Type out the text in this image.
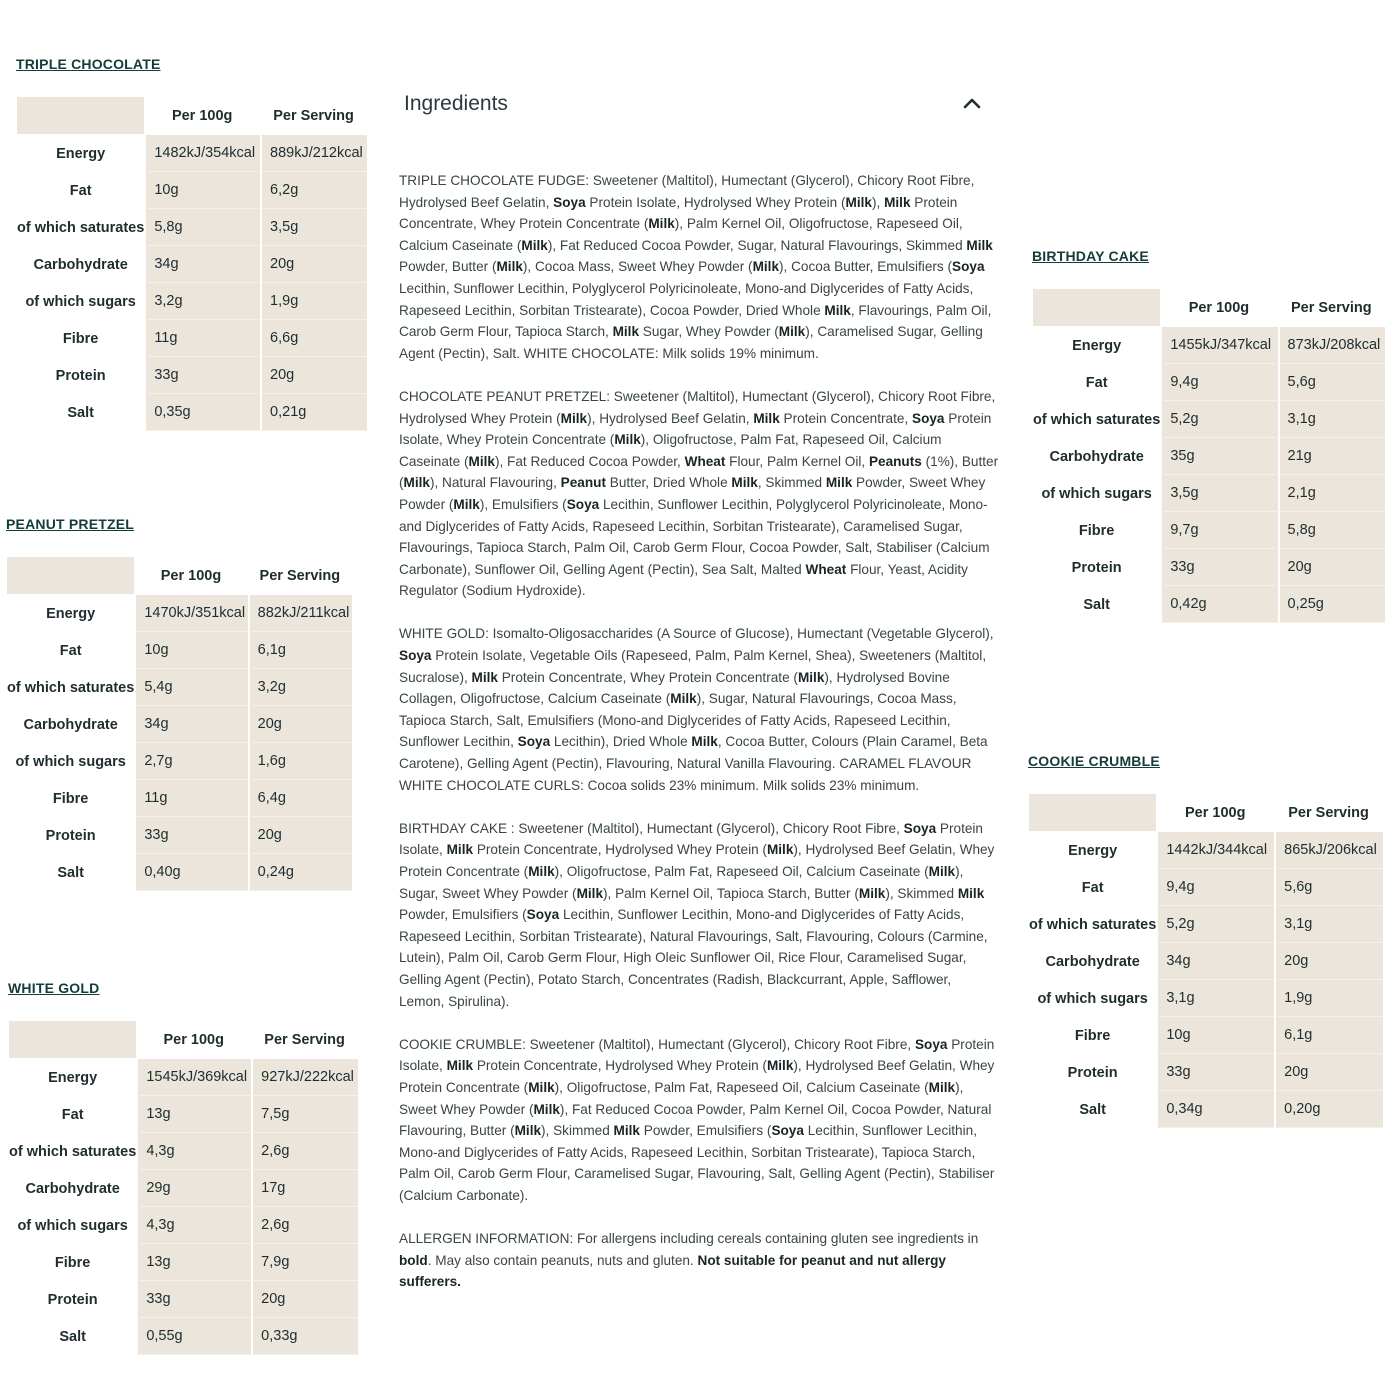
TRIPLE CHOCOLATE
	Per 100g	Per Serving
Energy	1482kJ/354kcal	889kJ/212kcal
Fat	10g	6,2g
of which saturates	5,8g	3,5g
Carbohydrate	34g	20g
of which sugars	3,2g	1,9g
Fibre	11g	6,6g
Protein	33g	20g
Salt	0,35g	0,21g
PEANUT PRETZEL
	Per 100g	Per Serving
Energy	1470kJ/351kcal	882kJ/211kcal
Fat	10g	6,1g
of which saturates	5,4g	3,2g
Carbohydrate	34g	20g
of which sugars	2,7g	1,6g
Fibre	11g	6,4g
Protein	33g	20g
Salt	0,40g	0,24g
WHITE GOLD
	Per 100g	Per Serving
Energy	1545kJ/369kcal	927kJ/222kcal
Fat	13g	7,5g
of which saturates	4,3g	2,6g
Carbohydrate	29g	17g
of which sugars	4,3g	2,6g
Fibre	13g	7,9g
Protein	33g	20g
Salt	0,55g	0,33g
BIRTHDAY CAKE
	Per 100g	Per Serving
Energy	1455kJ/347kcal	873kJ/208kcal
Fat	9,4g	5,6g
of which saturates	5,2g	3,1g
Carbohydrate	35g	21g
of which sugars	3,5g	2,1g
Fibre	9,7g	5,8g
Protein	33g	20g
Salt	0,42g	0,25g
COOKIE CRUMBLE
	Per 100g	Per Serving
Energy	1442kJ/344kcal	865kJ/206kcal
Fat	9,4g	5,6g
of which saturates	5,2g	3,1g
Carbohydrate	34g	20g
of which sugars	3,1g	1,9g
Fibre	10g	6,1g
Protein	33g	20g
Salt	0,34g	0,20g
Ingredients

TRIPLE CHOCOLATE FUDGE: Sweetener (Maltitol), Humectant (Glycerol), Chicory Root Fibre, Hydrolysed Beef Gelatin, Soya Protein Isolate, Hydrolysed Whey Protein (Milk), Milk Protein Concentrate, Whey Protein Concentrate (Milk), Palm Kernel Oil, Oligofructose, Rapeseed Oil, Calcium Caseinate (Milk), Fat Reduced Cocoa Powder, Sugar, Natural Flavourings, Skimmed Milk Powder, Butter (Milk), Cocoa Mass, Sweet Whey Powder (Milk), Cocoa Butter, Emulsifiers (Soya Lecithin, Sunflower Lecithin, Polyglycerol Polyricinoleate, Mono-and Diglycerides of Fatty Acids, Rapeseed Lecithin, Sorbitan Tristearate), Cocoa Powder, Dried Whole Milk, Flavourings, Palm Oil, Carob Germ Flour, Tapioca Starch, Milk Sugar, Whey Powder (Milk), Caramelised Sugar, Gelling Agent (Pectin), Salt. WHITE CHOCOLATE: Milk solids 19% minimum.

CHOCOLATE PEANUT PRETZEL: Sweetener (Maltitol), Humectant (Glycerol), Chicory Root Fibre, Hydrolysed Whey Protein (Milk), Hydrolysed Beef Gelatin, Milk Protein Concentrate, Soya Protein Isolate, Whey Protein Concentrate (Milk), Oligofructose, Palm Fat, Rapeseed Oil, Calcium Caseinate (Milk), Fat Reduced Cocoa Powder, Wheat Flour, Palm Kernel Oil, Peanuts (1%), Butter (Milk), Natural Flavouring, Peanut Butter, Dried Whole Milk, Skimmed Milk Powder, Sweet Whey Powder (Milk), Emulsifiers (Soya Lecithin, Sunflower Lecithin, Polyglycerol Polyricinoleate, Mono-and Diglycerides of Fatty Acids, Rapeseed Lecithin, Sorbitan Tristearate), Caramelised Sugar, Flavourings, Tapioca Starch, Palm Oil, Carob Germ Flour, Cocoa Powder, Salt, Stabiliser (Calcium Carbonate), Sunflower Oil, Gelling Agent (Pectin), Sea Salt, Malted Wheat Flour, Yeast, Acidity Regulator (Sodium Hydroxide).

WHITE GOLD: Isomalto-Oligosaccharides (A Source of Glucose), Humectant (Vegetable Glycerol), Soya Protein Isolate, Vegetable Oils (Rapeseed, Palm, Palm Kernel, Shea), Sweeteners (Maltitol, Sucralose), Milk Protein Concentrate, Whey Protein Concentrate (Milk), Hydrolysed Bovine Collagen, Oligofructose, Calcium Caseinate (Milk), Sugar, Natural Flavourings, Cocoa Mass, Tapioca Starch, Salt, Emulsifiers (Mono-and Diglycerides of Fatty Acids, Rapeseed Lecithin, Sunflower Lecithin, Soya Lecithin), Dried Whole Milk, Cocoa Butter, Colours (Plain Caramel, Beta Carotene), Gelling Agent (Pectin), Flavouring, Natural Vanilla Flavouring. CARAMEL FLAVOUR WHITE CHOCOLATE CURLS: Cocoa solids 23% minimum. Milk solids 23% minimum.

BIRTHDAY CAKE : Sweetener (Maltitol), Humectant (Glycerol), Chicory Root Fibre, Soya Protein Isolate, Milk Protein Concentrate, Hydrolysed Whey Protein (Milk), Hydrolysed Beef Gelatin, Whey Protein Concentrate (Milk), Oligofructose, Palm Fat, Rapeseed Oil, Calcium Caseinate (Milk), Sugar, Sweet Whey Powder (Milk), Palm Kernel Oil, Tapioca Starch, Butter (Milk), Skimmed Milk Powder, Emulsifiers (Soya Lecithin, Sunflower Lecithin, Mono-and Diglycerides of Fatty Acids, Rapeseed Lecithin, Sorbitan Tristearate), Natural Flavourings, Salt, Flavouring, Colours (Carmine, Lutein), Palm Oil, Carob Germ Flour, High Oleic Sunflower Oil, Rice Flour, Caramelised Sugar, Gelling Agent (Pectin), Potato Starch, Concentrates (Radish, Blackcurrant, Apple, Safflower, Lemon, Spirulina).

COOKIE CRUMBLE: Sweetener (Maltitol), Humectant (Glycerol), Chicory Root Fibre, Soya Protein Isolate, Milk Protein Concentrate, Hydrolysed Whey Protein (Milk), Hydrolysed Beef Gelatin, Whey Protein Concentrate (Milk), Oligofructose, Palm Fat, Rapeseed Oil, Calcium Caseinate (Milk), Sweet Whey Powder (Milk), Fat Reduced Cocoa Powder, Palm Kernel Oil, Cocoa Powder, Natural Flavouring, Butter (Milk), Skimmed Milk Powder, Emulsifiers (Soya Lecithin, Sunflower Lecithin, Mono-and Diglycerides of Fatty Acids, Rapeseed Lecithin, Sorbitan Tristearate), Tapioca Starch, Palm Oil, Carob Germ Flour, Caramelised Sugar, Flavouring, Salt, Gelling Agent (Pectin), Stabiliser (Calcium Carbonate).

ALLERGEN INFORMATION: For allergens including cereals containing gluten see ingredients in bold. May also contain peanuts, nuts and gluten. Not suitable for peanut and nut allergy sufferers.
